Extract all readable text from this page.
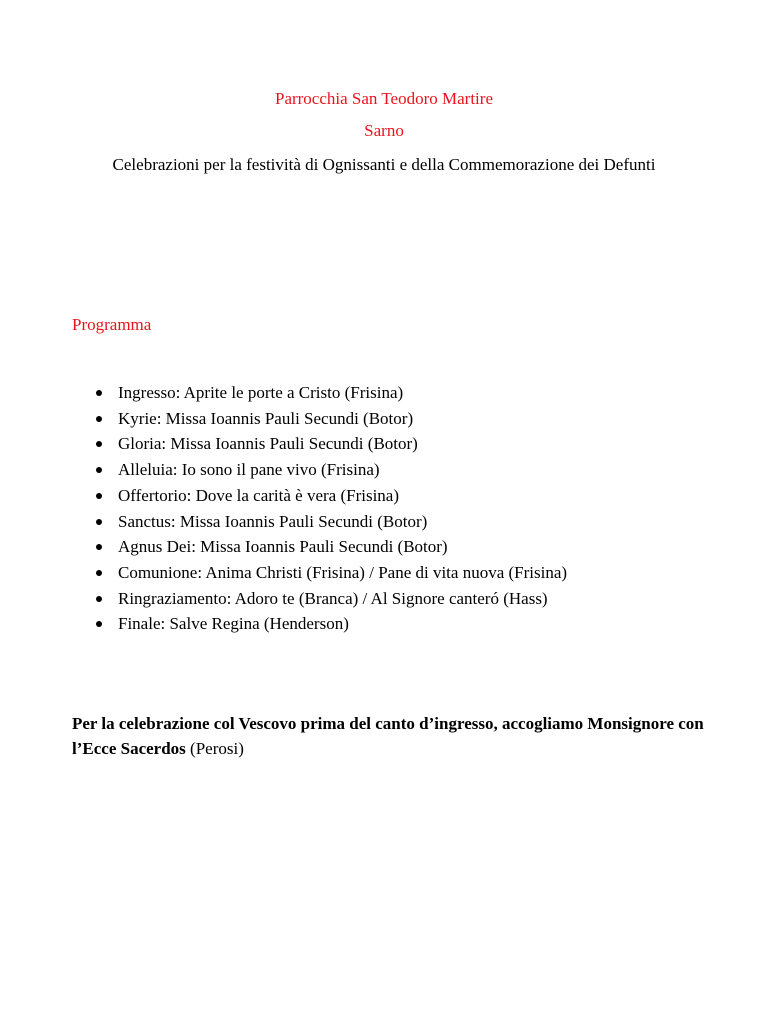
Parrocchia San Teodoro Martire
Sarno
Celebrazioni per la festività di Ognissanti e della Commemorazione dei Defunti
Programma
Ingresso: Aprite le porte a Cristo (Frisina)
Kyrie: Missa Ioannis Pauli Secundi (Botor)
Gloria: Missa Ioannis Pauli Secundi (Botor)
Alleluia: Io sono il pane vivo (Frisina)
Offertorio: Dove la carità è vera (Frisina)
Sanctus: Missa Ioannis Pauli Secundi (Botor)
Agnus Dei: Missa Ioannis Pauli Secundi (Botor)
Comunione: Anima Christi (Frisina) / Pane di vita nuova (Frisina)
Ringraziamento: Adoro te (Branca) / Al Signore canteró (Hass)
Finale: Salve Regina (Henderson)
Per la celebrazione col Vescovo prima del canto d’ingresso, accogliamo Monsignore con l’Ecce Sacerdos (Perosi)
